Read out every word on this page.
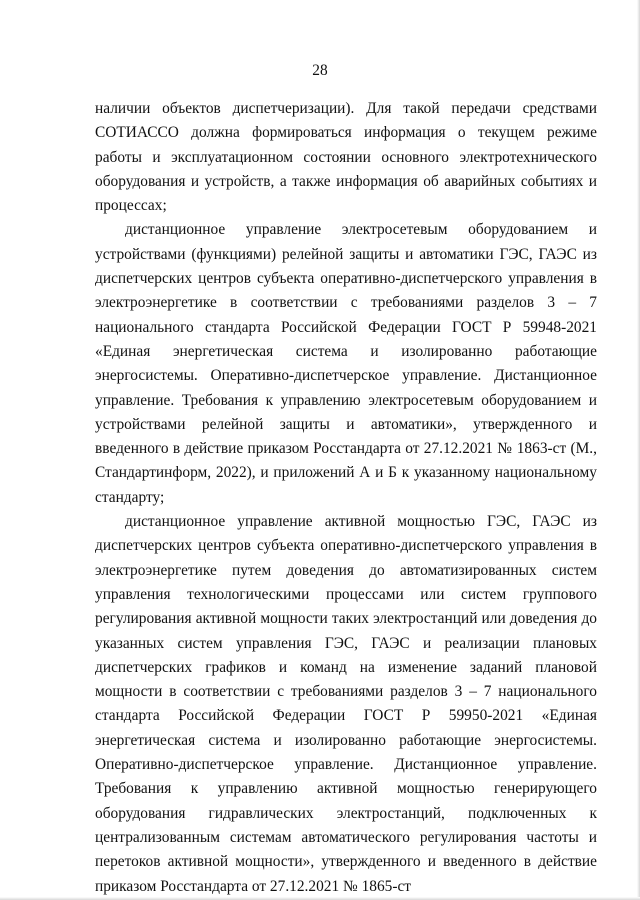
28

наличии объектов диспетчеризации). Для такой передачи средствами СОТИАССО должна формироваться информация о текущем режиме работы и эксплуатационном состоянии основного электротехнического оборудования и устройств, а также информация об аварийных событиях и процессах;

дистанционное управление электросетевым оборудованием и устройствами (функциями) релейной защиты и автоматики ГЭС, ГАЭС из диспетчерских центров субъекта оперативно-диспетчерского управления в электроэнергетике в соответствии с требованиями разделов 3 – 7 национального стандарта Российской Федерации ГОСТ Р 59948-2021 «Единая энергетическая система и изолированно работающие энергосистемы. Оперативно-диспетчерское управление. Дистанционное управление. Требования к управлению электросетевым оборудованием и устройствами релейной защиты и автоматики», утвержденного и введенного в действие приказом Росстандарта от 27.12.2021 № 1863-ст (М., Стандартинформ, 2022), и приложений А и Б к указанному национальному стандарту;

дистанционное управление активной мощностью ГЭС, ГАЭС из диспетчерских центров субъекта оперативно-диспетчерского управления в электроэнергетике путем доведения до автоматизированных систем управления технологическими процессами или систем группового регулирования активной мощности таких электростанций или доведения до указанных систем управления ГЭС, ГАЭС и реализации плановых диспетчерских графиков и команд на изменение заданий плановой мощности в соответствии с требованиями разделов 3 – 7 национального стандарта Российской Федерации ГОСТ Р 59950-2021 «Единая энергетическая система и изолированно работающие энергосистемы. Оперативно-диспетчерское управление. Дистанционное управление. Требования к управлению активной мощностью генерирующего оборудования гидравлических электростанций, подключенных к централизованным системам автоматического регулирования частоты и перетоков активной мощности», утвержденного и введенного в действие приказом Росстандарта от 27.12.2021 № 1865-ст
